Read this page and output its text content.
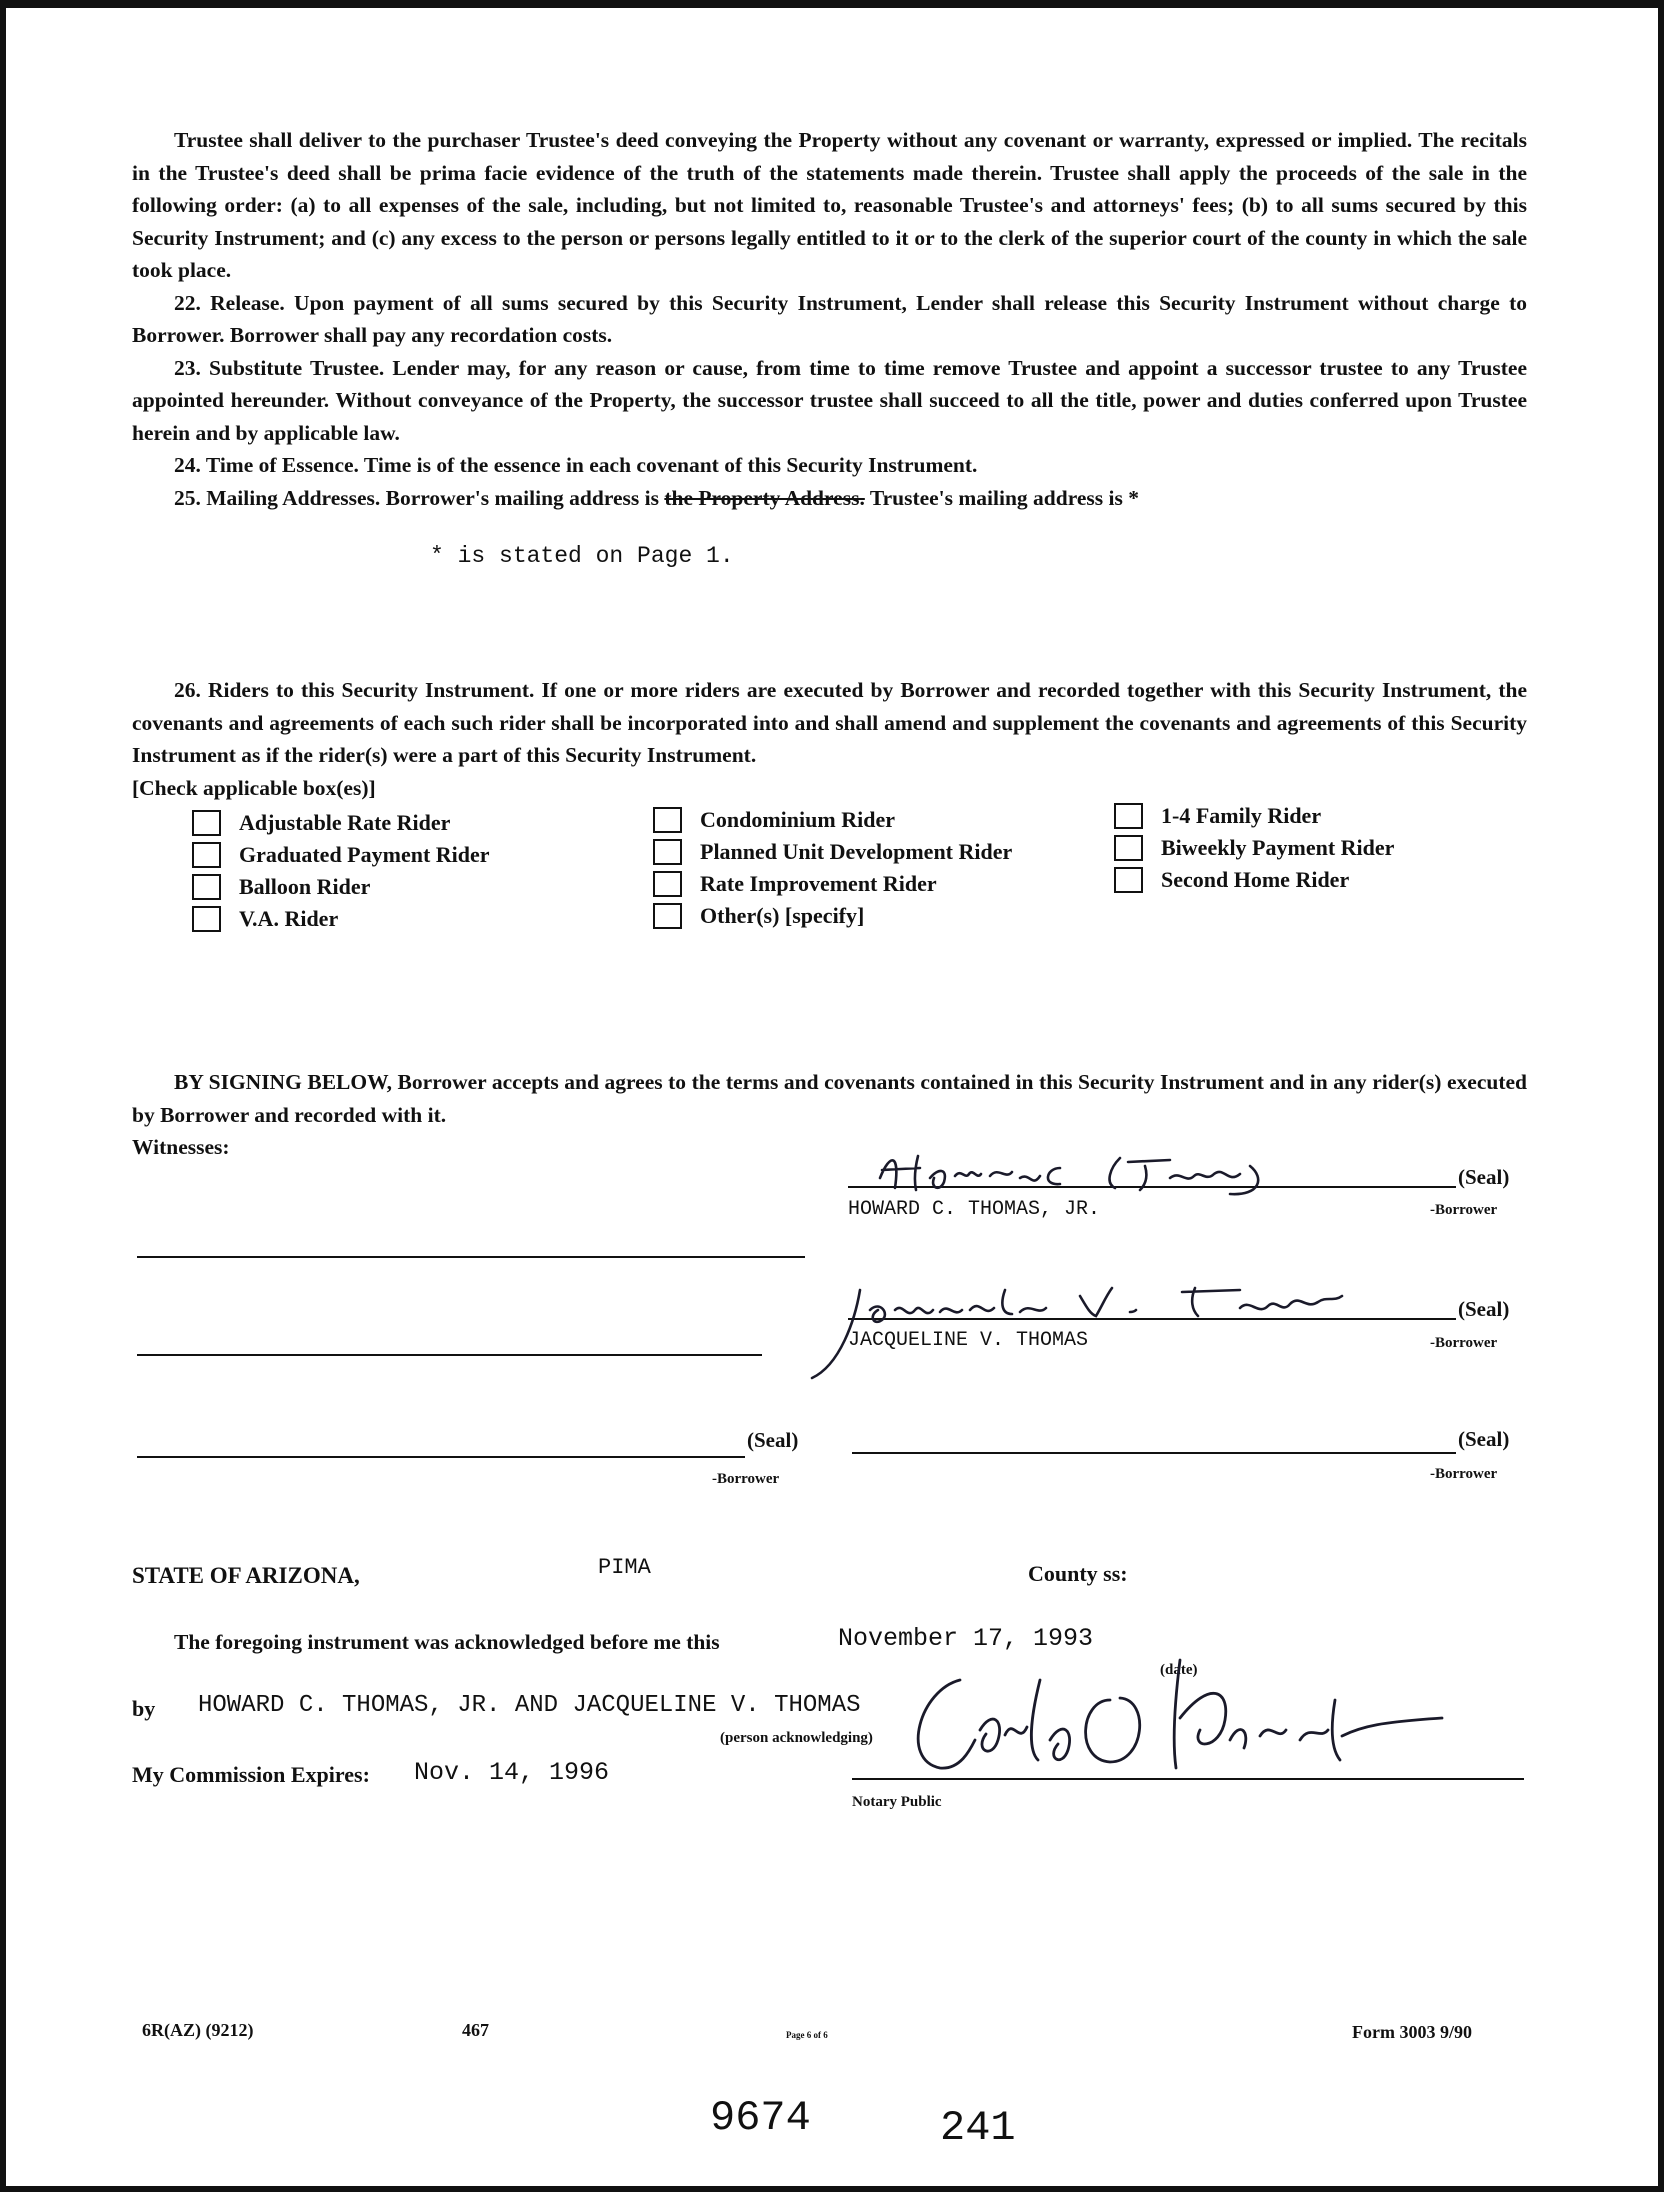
Trustee shall deliver to the purchaser Trustee's deed conveying the Property without any covenant or warranty, expressed or implied. The recitals in the Trustee's deed shall be prima facie evidence of the truth of the statements made therein. Trustee shall apply the proceeds of the sale in the following order: (a) to all expenses of the sale, including, but not limited to, reasonable Trustee's and attorneys' fees; (b) to all sums secured by this Security Instrument; and (c) any excess to the person or persons legally entitled to it or to the clerk of the superior court of the county in which the sale took place.

22. Release. Upon payment of all sums secured by this Security Instrument, Lender shall release this Security Instrument without charge to Borrower. Borrower shall pay any recordation costs.

23. Substitute Trustee. Lender may, for any reason or cause, from time to time remove Trustee and appoint a successor trustee to any Trustee appointed hereunder. Without conveyance of the Property, the successor trustee shall succeed to all the title, power and duties conferred upon Trustee herein and by applicable law.

24. Time of Essence. Time is of the essence in each covenant of this Security Instrument.

25. Mailing Addresses. Borrower's mailing address is the Property Address. Trustee's mailing address is *

* is stated on Page 1.

26. Riders to this Security Instrument. If one or more riders are executed by Borrower and recorded together with this Security Instrument, the covenants and agreements of each such rider shall be incorporated into and shall amend and supplement the covenants and agreements of this Security Instrument as if the rider(s) were a part of this Security Instrument.

[Check applicable box(es)]

Adjustable Rate Rider
Graduated Payment Rider
Balloon Rider
V.A. Rider
Condominium Rider
Planned Unit Development Rider
Rate Improvement Rider
Other(s) [specify]
1-4 Family Rider
Biweekly Payment Rider
Second Home Rider

BY SIGNING BELOW, Borrower accepts and agrees to the terms and covenants contained in this Security Instrument and in any rider(s) executed by Borrower and recorded with it.

Witnesses:

(Seal)
HOWARD C. THOMAS, JR.	-Borrower
(Seal)
JACQUELINE V. THOMAS	-Borrower
(Seal)
-Borrower
(Seal)
-Borrower
STATE OF ARIZONA,	PIMA	County ss:
The foregoing instrument was acknowledged before me this	November 17, 1993
(date)
by HOWARD C. THOMAS, JR. AND JACQUELINE V. THOMAS
(person acknowledging)
My Commission Expires: Nov. 14, 1996
Notary Public
6R(AZ) (9212)	467	Page 6 of 6	Form 3003 9/90
9674	241
